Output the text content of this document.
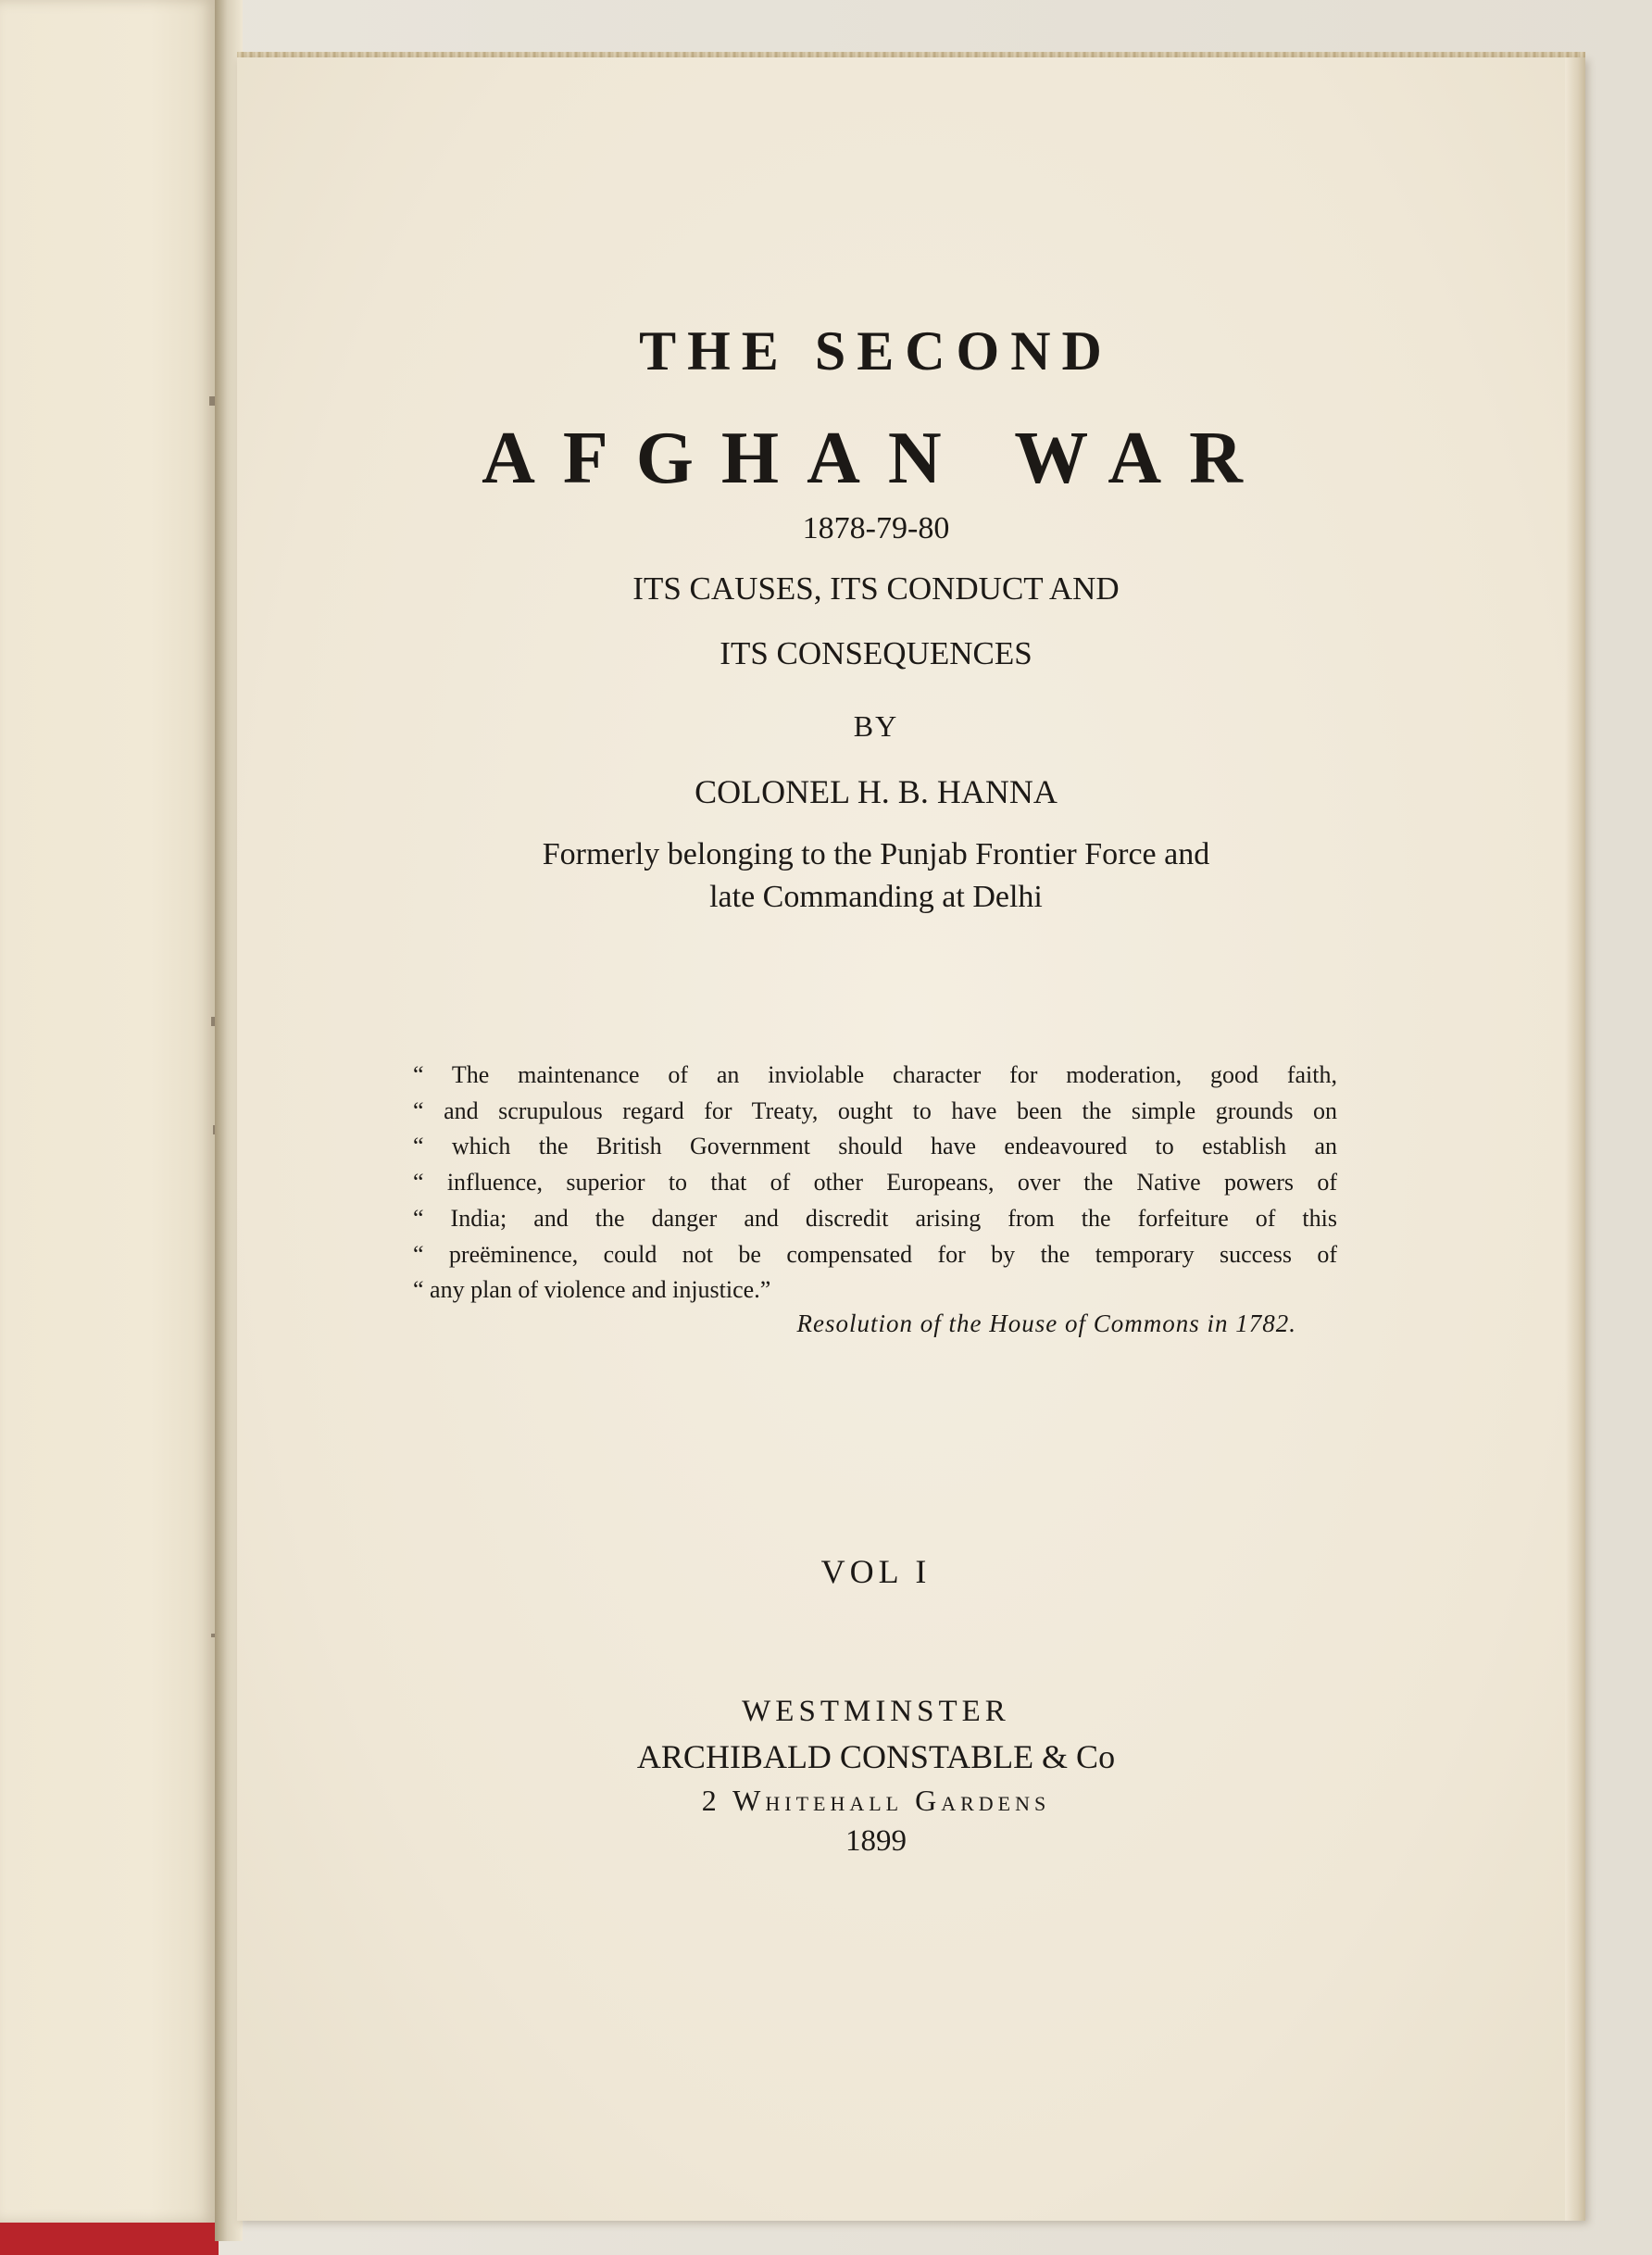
THE SECOND
AFGHAN WAR
1878-79-80
ITS CAUSES, ITS CONDUCT AND
ITS CONSEQUENCES
BY
COLONEL H. B. HANNA
Formerly belonging to the Punjab Frontier Force and
late Commanding at Delhi
“ The maintenance of an inviolable character for moderation, good faith,
“ and scrupulous regard for Treaty, ought to have been the simple grounds on
“ which the British Government should have endeavoured to establish an
“ influence, superior to that of other Europeans, over the Native powers of
“ India; and the danger and discredit arising from the forfeiture of this
“ preëminence, could not be compensated for by the temporary success of
“ any plan of violence and injustice.”
Resolution of the House of Commons in 1782.
VOL I
WESTMINSTER
ARCHIBALD CONSTABLE & Co
2 Whitehall Gardens
1899
